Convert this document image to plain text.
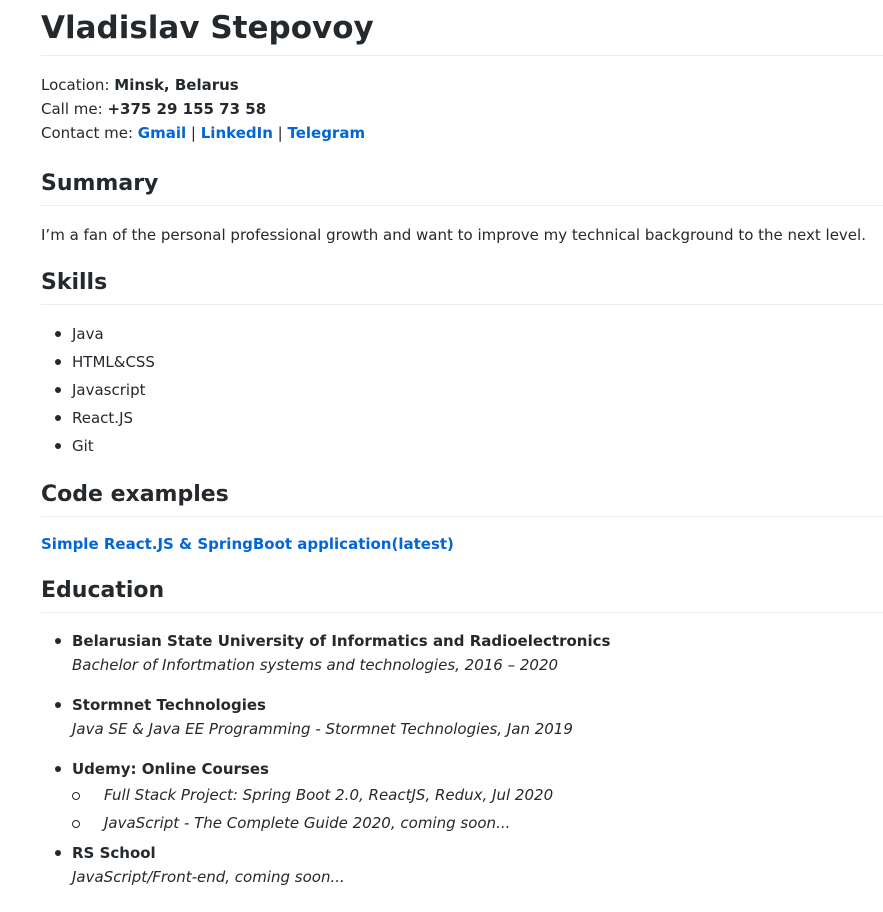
Vladislav Stepovoy
Location: Minsk, Belarus
Call me: +375 29 155 73 58
Contact me: Gmail | LinkedIn | Telegram
Summary

I’m a fan of the personal professional growth and want to improve my technical background to the next level.

Skills
Java
HTML&CSS
Javascript
React.JS
Git
Code examples

Simple React.JS & SpringBoot application(latest)

Education
Belarusian State University of Informatics and Radioelectronics
Bachelor of Infortmation systems and technologies, 2016 – 2020
Stormnet Technologies
Java SE & Java EE Programming - Stormnet Technologies, Jan 2019
Udemy: Online Courses
Full Stack Project: Spring Boot 2.0, ReactJS, Redux, Jul 2020
JavaScript - The Complete Guide 2020, coming soon...
RS School
JavaScript/Front-end, coming soon...
